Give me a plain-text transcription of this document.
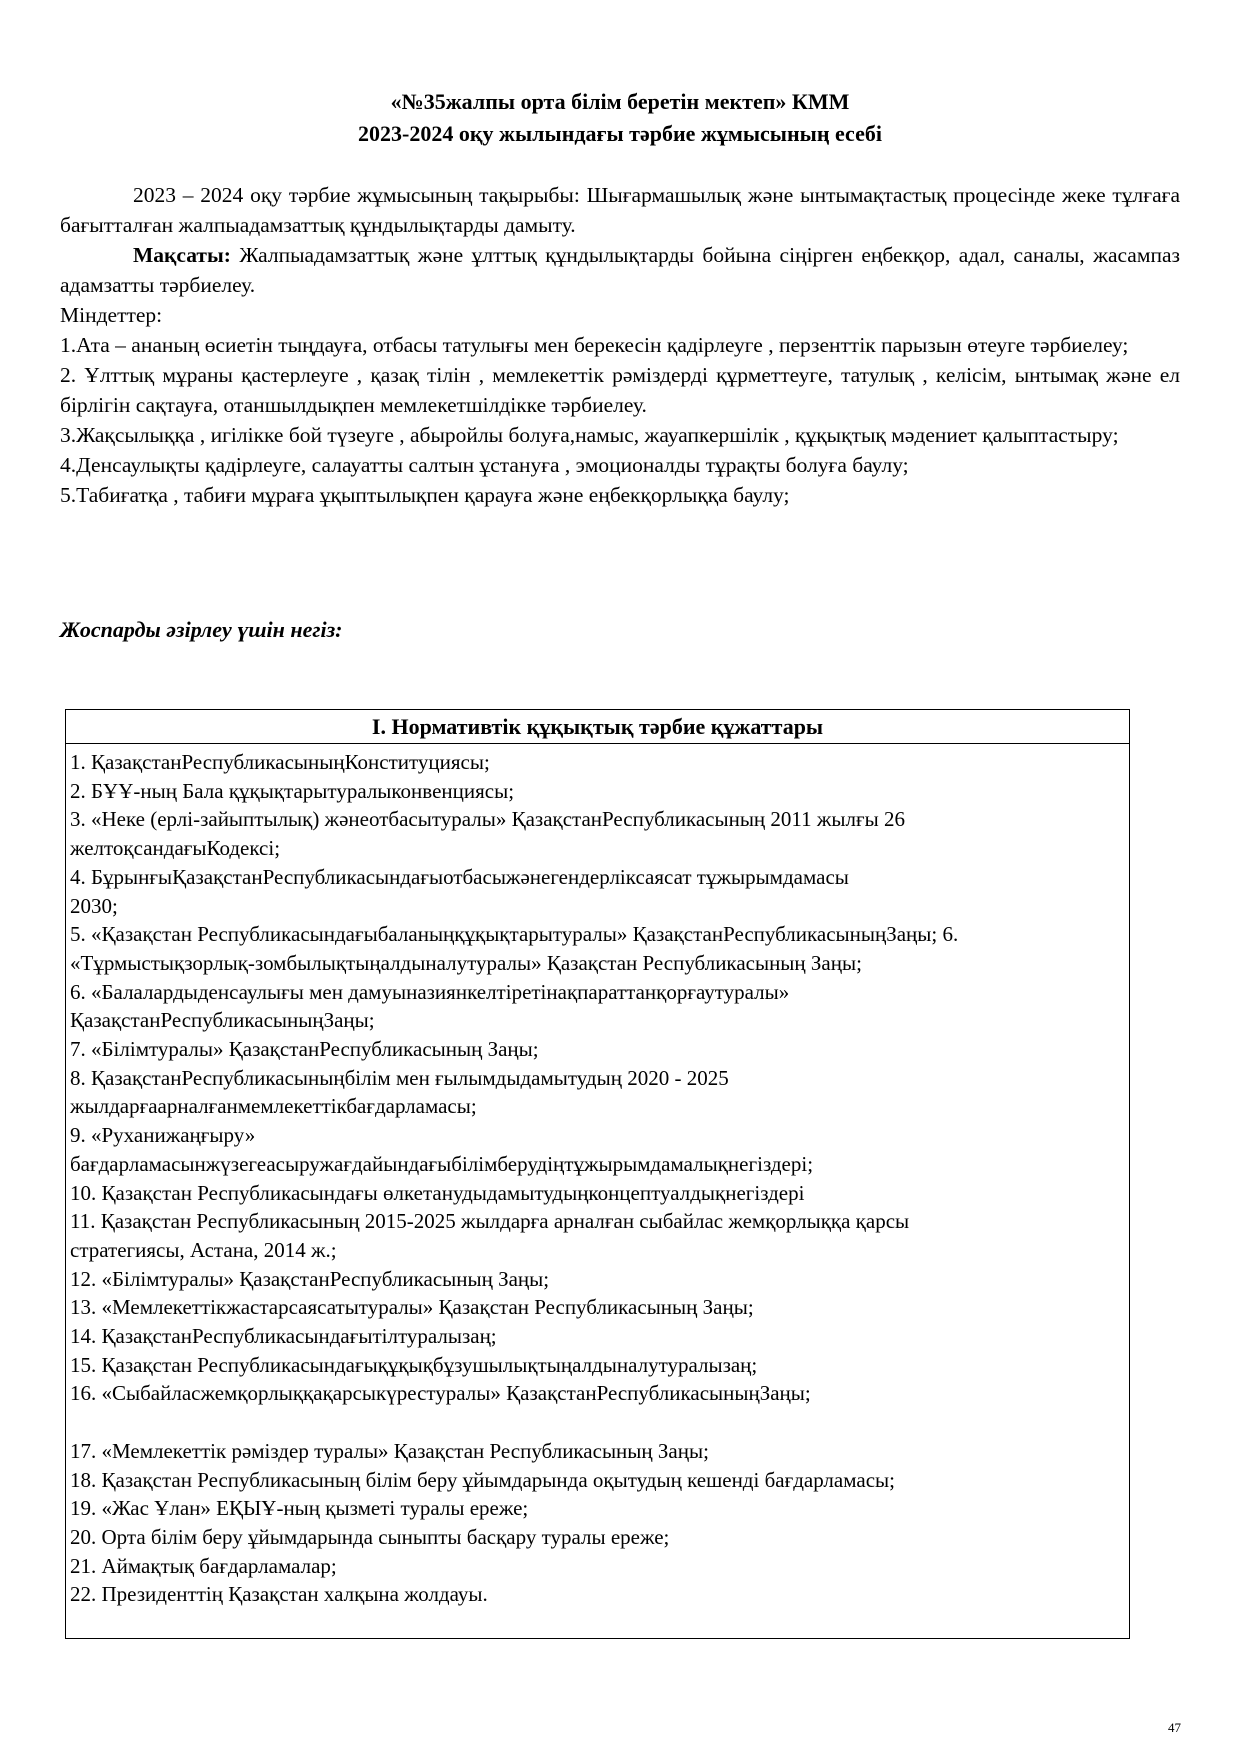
«№35жалпы орта білім беретін мектеп» КММ
2023-2024 оқу жылындағы тәрбие жұмысының есебі

2023 – 2024 оқу тәрбие жұмысының тақырыбы: Шығармашылық және ынтымақтастық процесінде жеке тұлғаға бағытталған жалпыадамзаттық құндылықтарды дамыту.

Мақсаты: Жалпыадамзаттық және ұлттық құндылықтарды бойына сіңірген еңбекқор, адал, саналы, жасампаз адамзатты тәрбиелеу.

Міндеттер:

1.Ата – ананың өсиетін тыңдауға, отбасы татулығы мен берекесін қадірлеуге , перзенттік парызын өтеуге тәрбиелеу;

2. Ұлттық мұраны қастерлеуге , қазақ тілін , мемлекеттік рәміздерді құрметтеуге, татулық , келісім, ынтымақ және ел бірлігін сақтауға, отаншылдықпен мемлекетшілдікке тәрбиелеу.

3.Жақсылыққа , игілікке бой түзеуге , абыройлы болуға,намыс, жауапкершілік , құқықтық мәдениет қалыптастыру;

4.Денсаулықты қадірлеуге, салауатты салтын ұстануға , эмоционалды тұрақты болуға баулу;

5.Табиғатқа , табиғи мұраға ұқыптылықпен қарауға және еңбекқорлыққа баулу;

Жоспарды әзірлеу үшін негіз:
I. Нормативтік құқықтық тәрбие құжаттары
1. ҚазақстанРеспубликасыныңКонституциясы;
2. БҰҰ-ның Бала құқықтарытуралыконвенциясы;
3. «Неке (ерлі-зайыптылық) жәнеотбасытуралы» ҚазақстанРеспубликасының 2011 жылғы 26
желтоқсандағыКодексі;
4. БұрынғыҚазақстанРеспубликасындағыотбасыжәнегендерліксаясат тұжырымдамасы
2030;
5. «Қазақстан Республикасындағыбаланыңқұқықтарытуралы» ҚазақстанРеспубликасыныңЗаңы; 6.
«Тұрмыстықзорлық-зомбылықтыңалдыналутуралы» Қазақстан Республикасының Заңы;
6. «Балалардыденсаулығы мен дамуыназиянкелтіретінақпараттанқорғаутуралы»
ҚазақстанРеспубликасыныңЗаңы;
7. «Білімтуралы» ҚазақстанРеспубликасының Заңы;
8. ҚазақстанРеспубликасыныңбілім мен ғылымдыдамытудың 2020 - 2025
жылдарғаарналғанмемлекеттікбағдарламасы;
9. «Руханижаңғыру»
бағдарламасынжүзегеасыружағдайындағыбілімберудіңтұжырымдамалықнегіздері;
10. Қазақстан Республикасындағы өлкетанудыдамытудыңконцептуалдықнегіздері
11. Қазақстан Республикасының 2015-2025 жылдарға арналған сыбайлас жемқорлыққа қарсы
стратегиясы, Астана, 2014 ж.;
12. «Білімтуралы» ҚазақстанРеспубликасының Заңы;
13. «Мемлекеттікжастарсаясатытуралы» Қазақстан Республикасының Заңы;
14. ҚазақстанРеспубликасындағытілтуралызаң;
15. Қазақстан Республикасындағықұқықбұзушылықтыңалдыналутуралызаң;
16. «Сыбайласжемқорлыққақарсыкүрестуралы» ҚазақстанРеспубликасыныңЗаңы;
17. «Мемлекеттік рәміздер туралы» Қазақстан Республикасының Заңы;
18. Қазақстан Республикасының білім беру ұйымдарында оқытудың кешенді бағдарламасы;
19. «Жас Ұлан» ЕҚЫҰ-ның қызметі туралы ереже;
20. Орта білім беру ұйымдарында сыныпты басқару туралы ереже;
21. Аймақтық бағдарламалар;
22. Президенттің Қазақстан халқына жолдауы.
47
